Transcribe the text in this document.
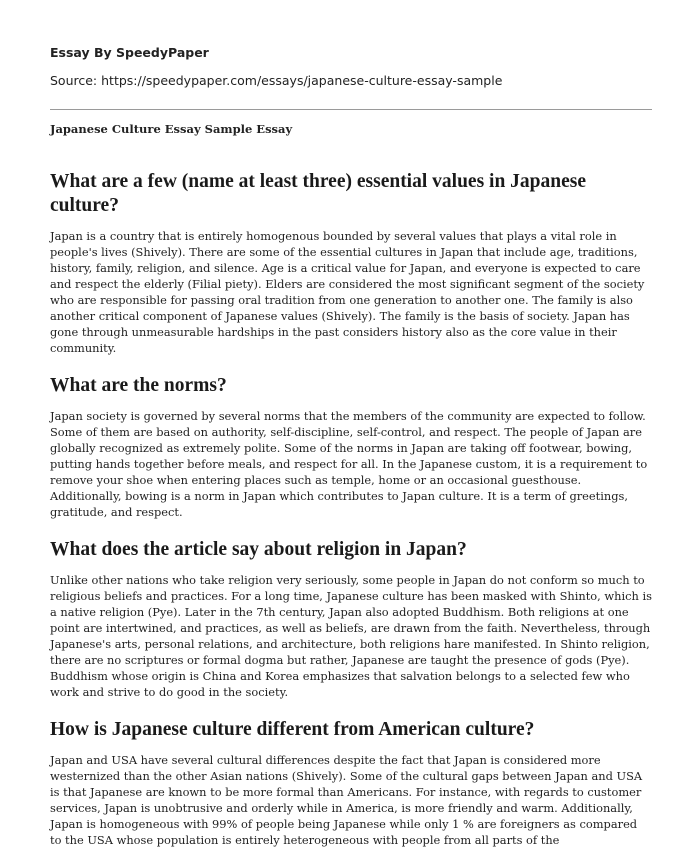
Essay By SpeedyPaper
Source: https://speedypaper.com/essays/japanese-culture-essay-sample
Japanese Culture Essay Sample Essay
What are a few (name at least three) essential values in Japanese culture?

Japan is a country that is entirely homogenous bounded by several values that plays a vital role in people's lives (Shively). There are some of the essential cultures in Japan that include age, traditions, history, family, religion, and silence. Age is a critical value for Japan, and everyone is expected to care and respect the elderly (Filial piety). Elders are considered the most significant segment of the society who are responsible for passing oral tradition from one generation to another one. The family is also another critical component of Japanese values (Shively). The family is the basis of society. Japan has gone through unmeasurable hardships in the past considers history also as the core value in their community.

What are the norms?

Japan society is governed by several norms that the members of the community are expected to follow. Some of them are based on authority, self-discipline, self-control, and respect. The people of Japan are globally recognized as extremely polite. Some of the norms in Japan are taking off footwear, bowing, putting hands together before meals, and respect for all. In the Japanese custom, it is a requirement to remove your shoe when entering places such as temple, home or an occasional guesthouse. Additionally, bowing is a norm in Japan which contributes to Japan culture. It is a term of greetings, gratitude, and respect.

What does the article say about religion in Japan?

Unlike other nations who take religion very seriously, some people in Japan do not conform so much to religious beliefs and practices. For a long time, Japanese culture has been masked with Shinto, which is a native religion (Pye). Later in the 7th century, Japan also adopted Buddhism. Both religions at one point are intertwined, and practices, as well as beliefs, are drawn from the faith. Nevertheless, through Japanese's arts, personal relations, and architecture, both religions hare manifested. In Shinto religion, there are no scriptures or formal dogma but rather, Japanese are taught the presence of gods (Pye). Buddhism whose origin is China and Korea emphasizes that salvation belongs to a selected few who work and strive to do good in the society.

How is Japanese culture different from American culture?

Japan and USA have several cultural differences despite the fact that Japan is considered more westernized than the other Asian nations (Shively). Some of the cultural gaps between Japan and USA is that Japanese are known to be more formal than Americans. For instance, with regards to customer services, Japan is unobtrusive and orderly while in America, is more friendly and warm. Additionally, Japan is homogeneous with 99% of people being Japanese while only 1 % are foreigners as compared to the USA whose population is entirely heterogeneous with people from all parts of the
